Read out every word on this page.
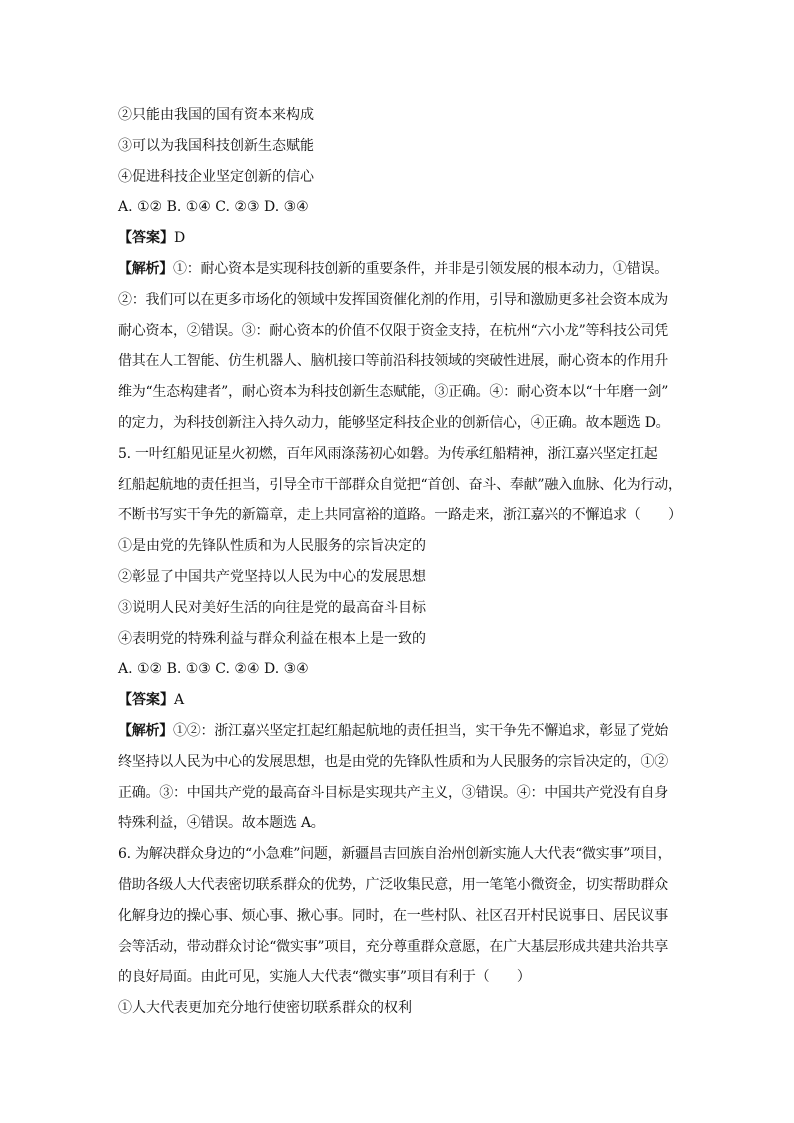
②只能由我国的国有资本来构成
③可以为我国科技创新生态赋能
④促进科技企业坚定创新的信心
A. ①② B. ①④ C. ②③ D. ③④
【答案】D
【解析】①：耐心资本是实现科技创新的重要条件，并非是引领发展的根本动力，①错误。
②：我们可以在更多市场化的领域中发挥国资催化剂的作用，引导和激励更多社会资本成为
耐心资本，②错误。③：耐心资本的价值不仅限于资金支持，在杭州“六小龙”等科技公司凭
借其在人工智能、仿生机器人、脑机接口等前沿科技领域的突破性进展，耐心资本的作用升
维为“生态构建者”，耐心资本为科技创新生态赋能，③正确。④：耐心资本以“十年磨一剑”
的定力，为科技创新注入持久动力，能够坚定科技企业的创新信心，④正确。故本题选 D。
5. 一叶红船见证星火初燃，百年风雨涤荡初心如磐。为传承红船精神，浙江嘉兴坚定扛起
红船起航地的责任担当，引导全市干部群众自觉把“首创、奋斗、奉献”融入血脉、化为行动，
不断书写实干争先的新篇章，走上共同富裕的道路。一路走来，浙江嘉兴的不懈追求（　　）
①是由党的先锋队性质和为人民服务的宗旨决定的
②彰显了中国共产党坚持以人民为中心的发展思想
③说明人民对美好生活的向往是党的最高奋斗目标
④表明党的特殊利益与群众利益在根本上是一致的
A. ①② B. ①③ C. ②④ D. ③④
【答案】A
【解析】①②：浙江嘉兴坚定扛起红船起航地的责任担当，实干争先不懈追求，彰显了党始
终坚持以人民为中心的发展思想，也是由党的先锋队性质和为人民服务的宗旨决定的，①②
正确。③：中国共产党的最高奋斗目标是实现共产主义，③错误。④：中国共产党没有自身
特殊利益，④错误。故本题选 A。
6. 为解决群众身边的“小急难”问题，新疆昌吉回族自治州创新实施人大代表“微实事”项目，
借助各级人大代表密切联系群众的优势，广泛收集民意，用一笔笔小微资金，切实帮助群众
化解身边的操心事、烦心事、揪心事。同时，在一些村队、社区召开村民说事日、居民议事
会等活动，带动群众讨论“微实事”项目，充分尊重群众意愿，在广大基层形成共建共治共享
的良好局面。由此可见，实施人大代表“微实事”项目有利于（　　）
①人大代表更加充分地行使密切联系群众的权利
